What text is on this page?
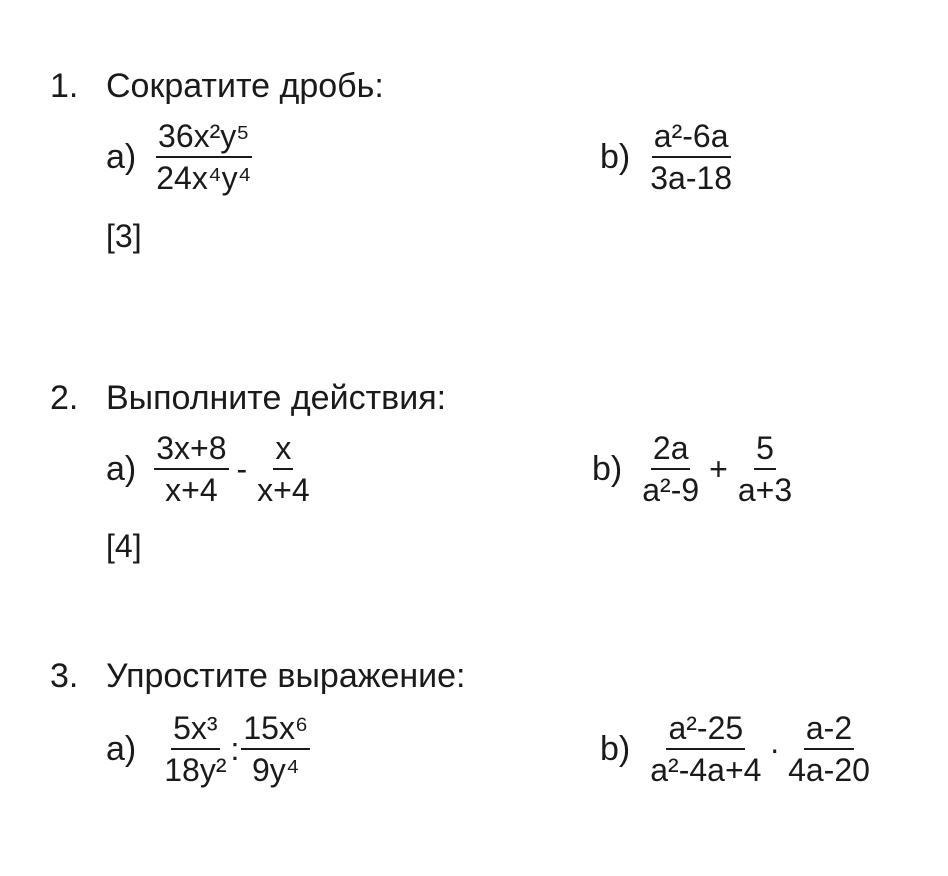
1. Сократите дробь:
$a) \frac{\text{36x²y⁵}}{\text{24x⁴y⁴}}$	$b) \frac{\text{a²-6a}}{3a-18}$
[3]
2. Выполните действия:
$a) \frac{3x+8}{x+4} - \frac{x}{x+4}$	$b) \frac{2a}{\text{a²-9}} + \frac{5}{a+3}$
[4]
3. Упростите выражение:
$a) \frac{\text{5x³}}{\text{18y²}}$ : $\frac{\text{15x⁶}}{\text{9y⁴}}$	$b) \frac{\text{a²-25}}{\text{a²-4a+4}} \cdot \frac{a-2}{4a-20}$
